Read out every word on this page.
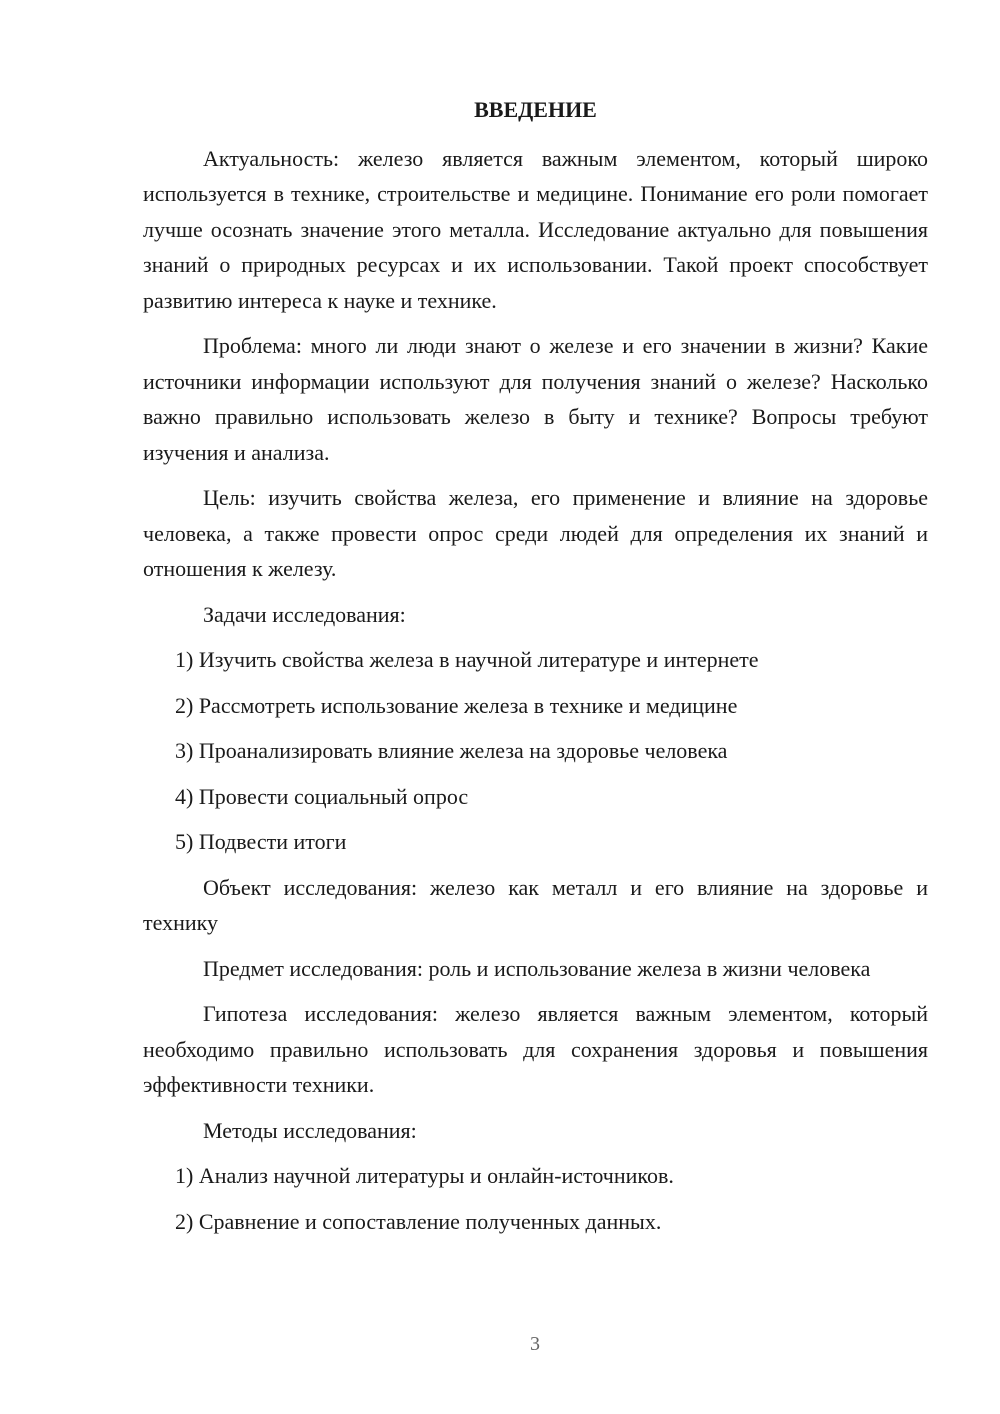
ВВЕДЕНИЕ

Актуальность: железо является важным элементом, который широко используется в технике, строительстве и медицине. Понимание его роли помогает лучше осознать значение этого металла. Исследование актуально для повышения знаний о природных ресурсах и их использовании. Такой проект способствует развитию интереса к науке и технике.

Проблема: много ли люди знают о железе и его значении в жизни? Какие источники информации используют для получения знаний о железе? Насколько важно правильно использовать железо в быту и технике? Вопросы требуют изучения и анализа.

Цель: изучить свойства железа, его применение и влияние на здоровье человека, а также провести опрос среди людей для определения их знаний и отношения к железу.

Задачи исследования:

1) Изучить свойства железа в научной литературе и интернете

2) Рассмотреть использование железа в технике и медицине

3) Проанализировать влияние железа на здоровье человека

4) Провести социальный опрос

5) Подвести итоги

Объект исследования: железо как металл и его влияние на здоровье и технику

Предмет исследования: роль и использование железа в жизни человека

Гипотеза исследования: железо является важным элементом, который необходимо правильно использовать для сохранения здоровья и повышения эффективности техники.

Методы исследования:

1) Анализ научной литературы и онлайн-источников.

2) Сравнение и сопоставление полученных данных.

3
